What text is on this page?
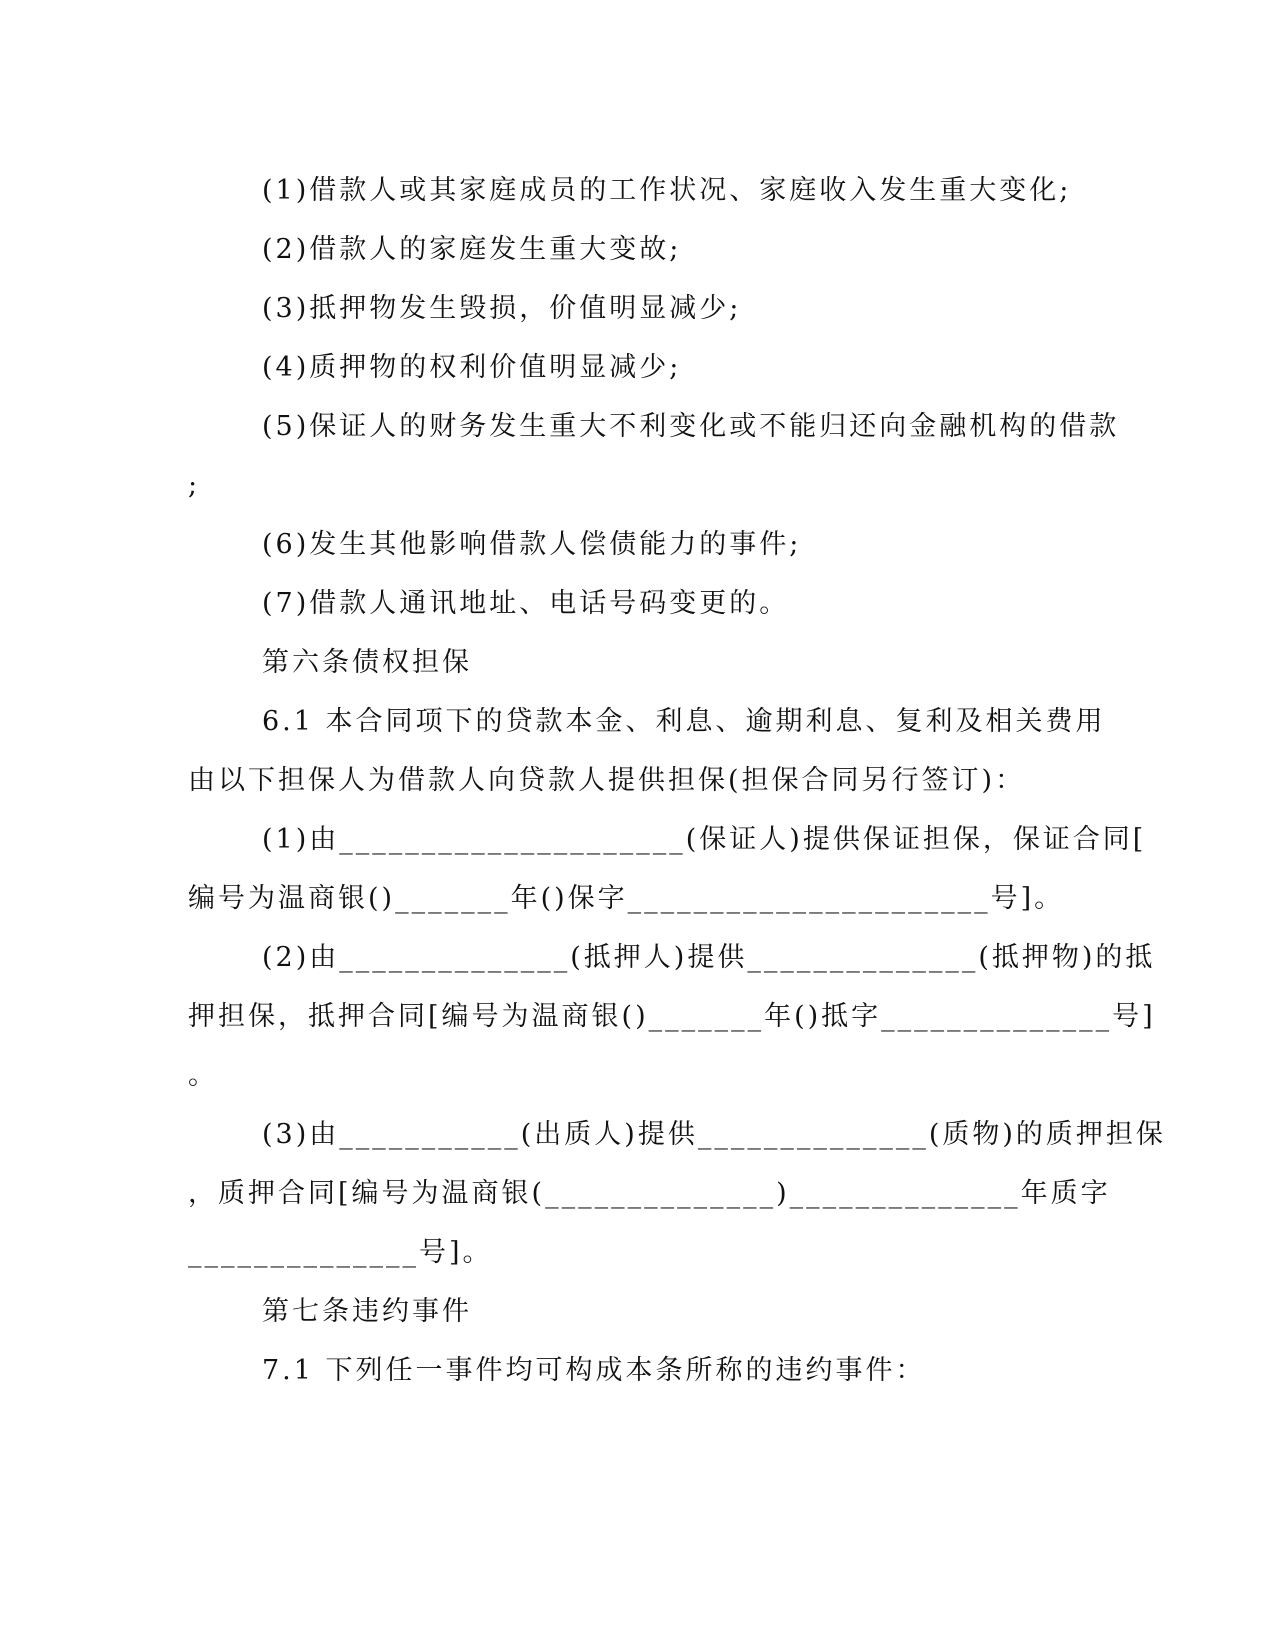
(1)借款人或其家庭成员的工作状况、家庭收入发生重大变化;
(2)借款人的家庭发生重大变故;
(3)抵押物发生毁损，价值明显减少;
(4)质押物的权利价值明显减少;
(5)保证人的财务发生重大不利变化或不能归还向金融机构的借款
;
(6)发生其他影响借款人偿债能力的事件;
(7)借款人通讯地址、电话号码变更的。
第六条债权担保
6.1 本合同项下的贷款本金、利息、逾期利息、复利及相关费用
由以下担保人为借款人向贷款人提供担保(担保合同另行签订)：
(1)由_____________________(保证人)提供保证担保，保证合同[
编号为温商银()_______年()保字______________________号]。
(2)由______________(抵押人)提供______________(抵押物)的抵
押担保，抵押合同[编号为温商银()_______年()抵字______________号]
。
(3)由___________(出质人)提供______________(质物)的质押担保
，质押合同[编号为温商银(______________)______________年质字
______________号]。
第七条违约事件
7.1 下列任一事件均可构成本条所称的违约事件：
